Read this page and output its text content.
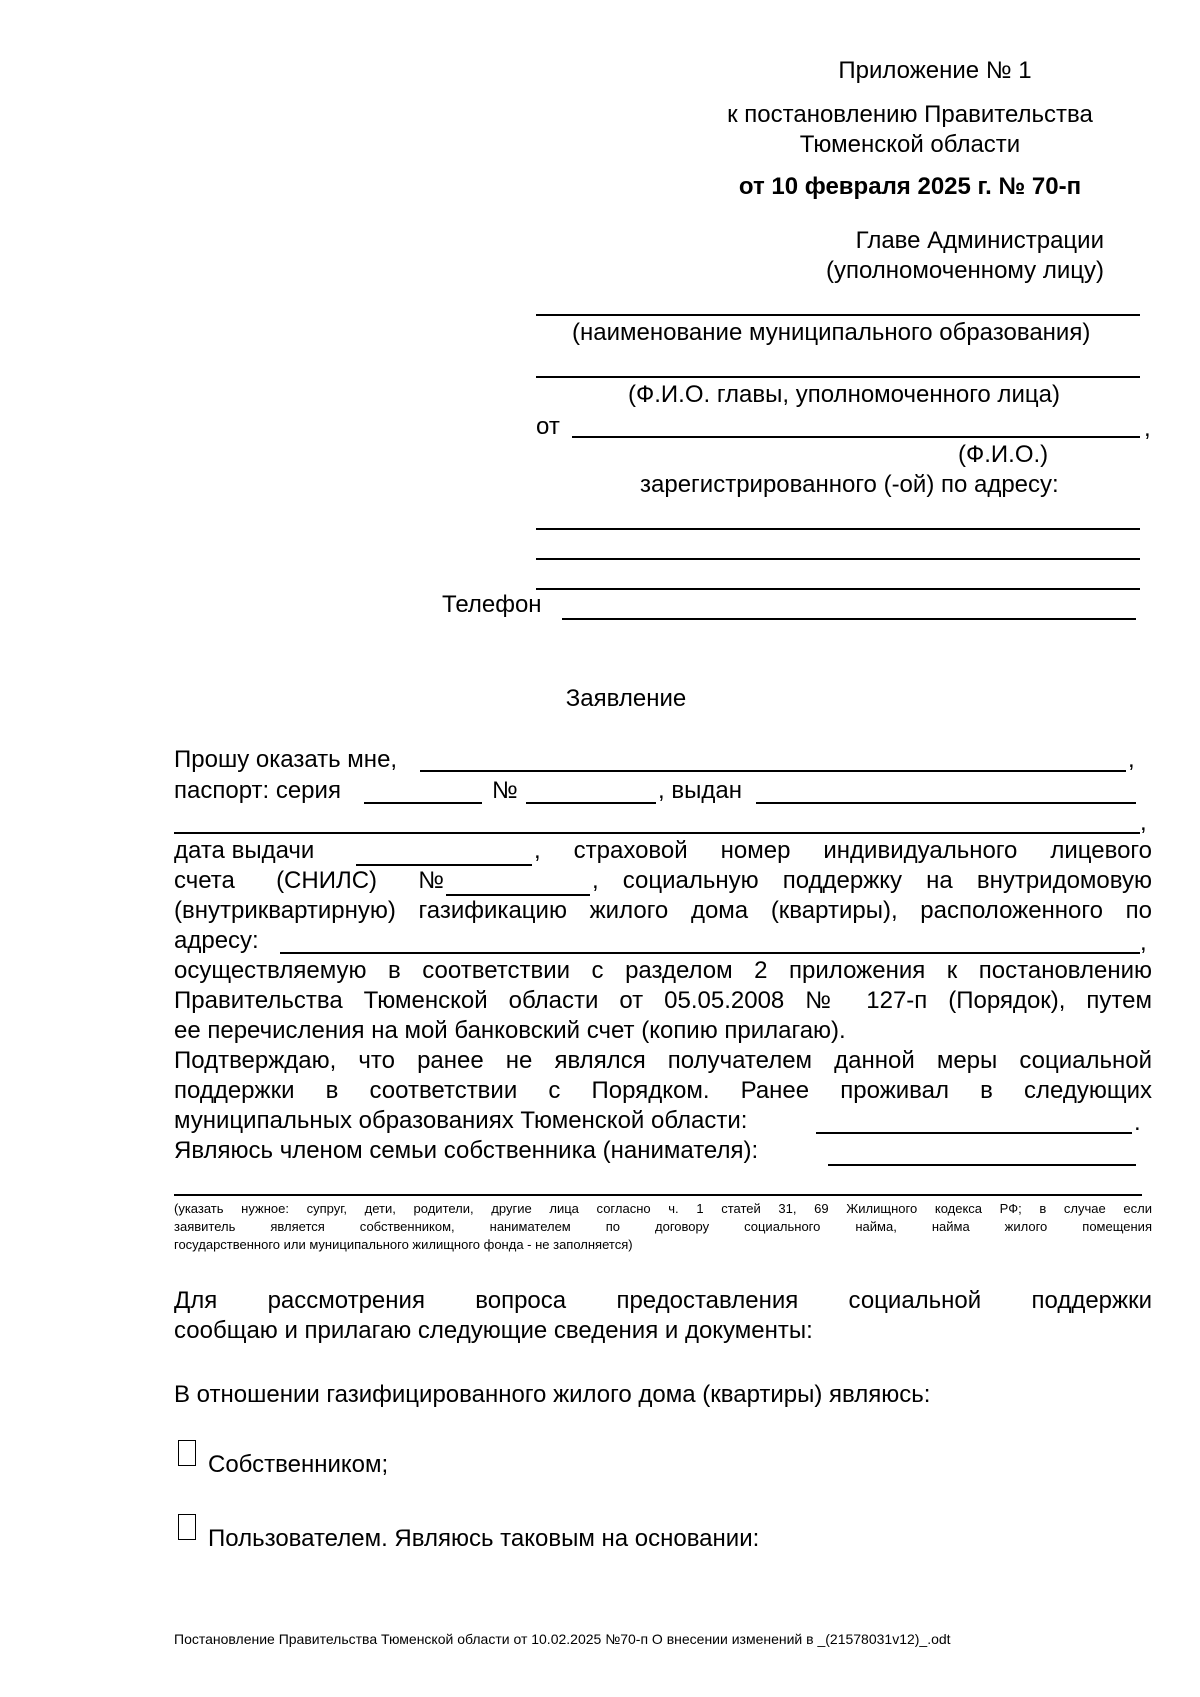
Приложение № 1
к постановлению Правительства
Тюменской области
от 10 февраля 2025 г. № 70-п
Главе Администрации
(уполномоченному лицу)
(наименование муниципального образования)
(Ф.И.О. главы, уполномоченного лица)
от	,
(Ф.И.О.)
зарегистрированного (-ой) по адресу:
Телефон
Заявление
Прошу оказать мне,	,
паспорт: серия	№	, выдан
,
дата выдачи	, страховой номер индивидуального лицевого
счета (СНИЛС) №	, социальную поддержку на внутридомовую
(внутриквартирную) газификацию жилого дома (квартиры), расположенного по
адресу:	,
осуществляемую в соответствии с разделом 2 приложения к постановлению
Правительства Тюменской области от 05.05.2008 № 127-п (Порядок), путем
ее перечисления на мой банковский счет (копию прилагаю).
Подтверждаю, что ранее не являлся получателем данной меры социальной
поддержки в соответствии с Порядком. Ранее проживал в следующих
муниципальных образованиях Тюменской области:	.
Являюсь членом семьи собственника (нанимателя):
(указать нужное: супруг, дети, родители, другие лица согласно ч. 1 статей 31, 69 Жилищного кодекса РФ; в случае если
заявитель является собственником, нанимателем по договору социального найма, найма жилого помещения
государственного или муниципального жилищного фонда - не заполняется)
Для рассмотрения вопроса предоставления социальной поддержки
сообщаю и прилагаю следующие сведения и документы:
В отношении газифицированного жилого дома (квартиры) являюсь:
Собственником;
Пользователем. Являюсь таковым на основании:
Постановление Правительства Тюменской области от 10.02.2025 №70-п О внесении изменений в _(21578031v12)_.odt
